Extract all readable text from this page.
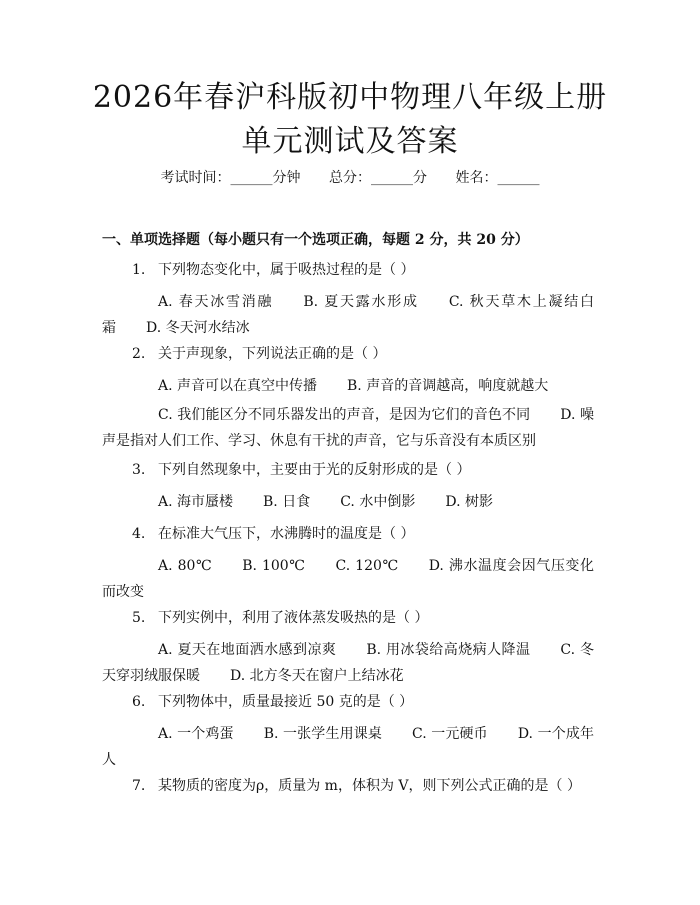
2026年春沪科版初中物理八年级上册单元测试及答案
考试时间：______分钟 总分：______分 姓名：______
一、单项选择题（每小题只有一个选项正确，每题 2 分，共 20 分）
1. 下列物态变化中，属于吸热过程的是（ ）
A. 春天冰雪消融 B. 夏天露水形成 C. 秋天草木上凝结白霜 D. 冬天河水结冰
2. 关于声现象，下列说法正确的是（ ）
A. 声音可以在真空中传播 B. 声音的音调越高，响度就越大
C. 我们能区分不同乐器发出的声音，是因为它们的音色不同 D. 噪声是指对人们工作、学习、休息有干扰的声音，它与乐音没有本质区别
3. 下列自然现象中，主要由于光的反射形成的是（ ）
A. 海市蜃楼 B. 日食 C. 水中倒影 D. 树影
4. 在标准大气压下，水沸腾时的温度是（ ）
A. 80℃ B. 100℃ C. 120℃ D. 沸水温度会因气压变化而改变
5. 下列实例中，利用了液体蒸发吸热的是（ ）
A. 夏天在地面洒水感到凉爽 B. 用冰袋给高烧病人降温 C. 冬天穿羽绒服保暖 D. 北方冬天在窗户上结冰花
6. 下列物体中，质量最接近 50 克的是（ ）
A. 一个鸡蛋 B. 一张学生用课桌 C. 一元硬币 D. 一个成年人
7. 某物质的密度为ρ，质量为 m，体积为 V，则下列公式正确的是（ ）
